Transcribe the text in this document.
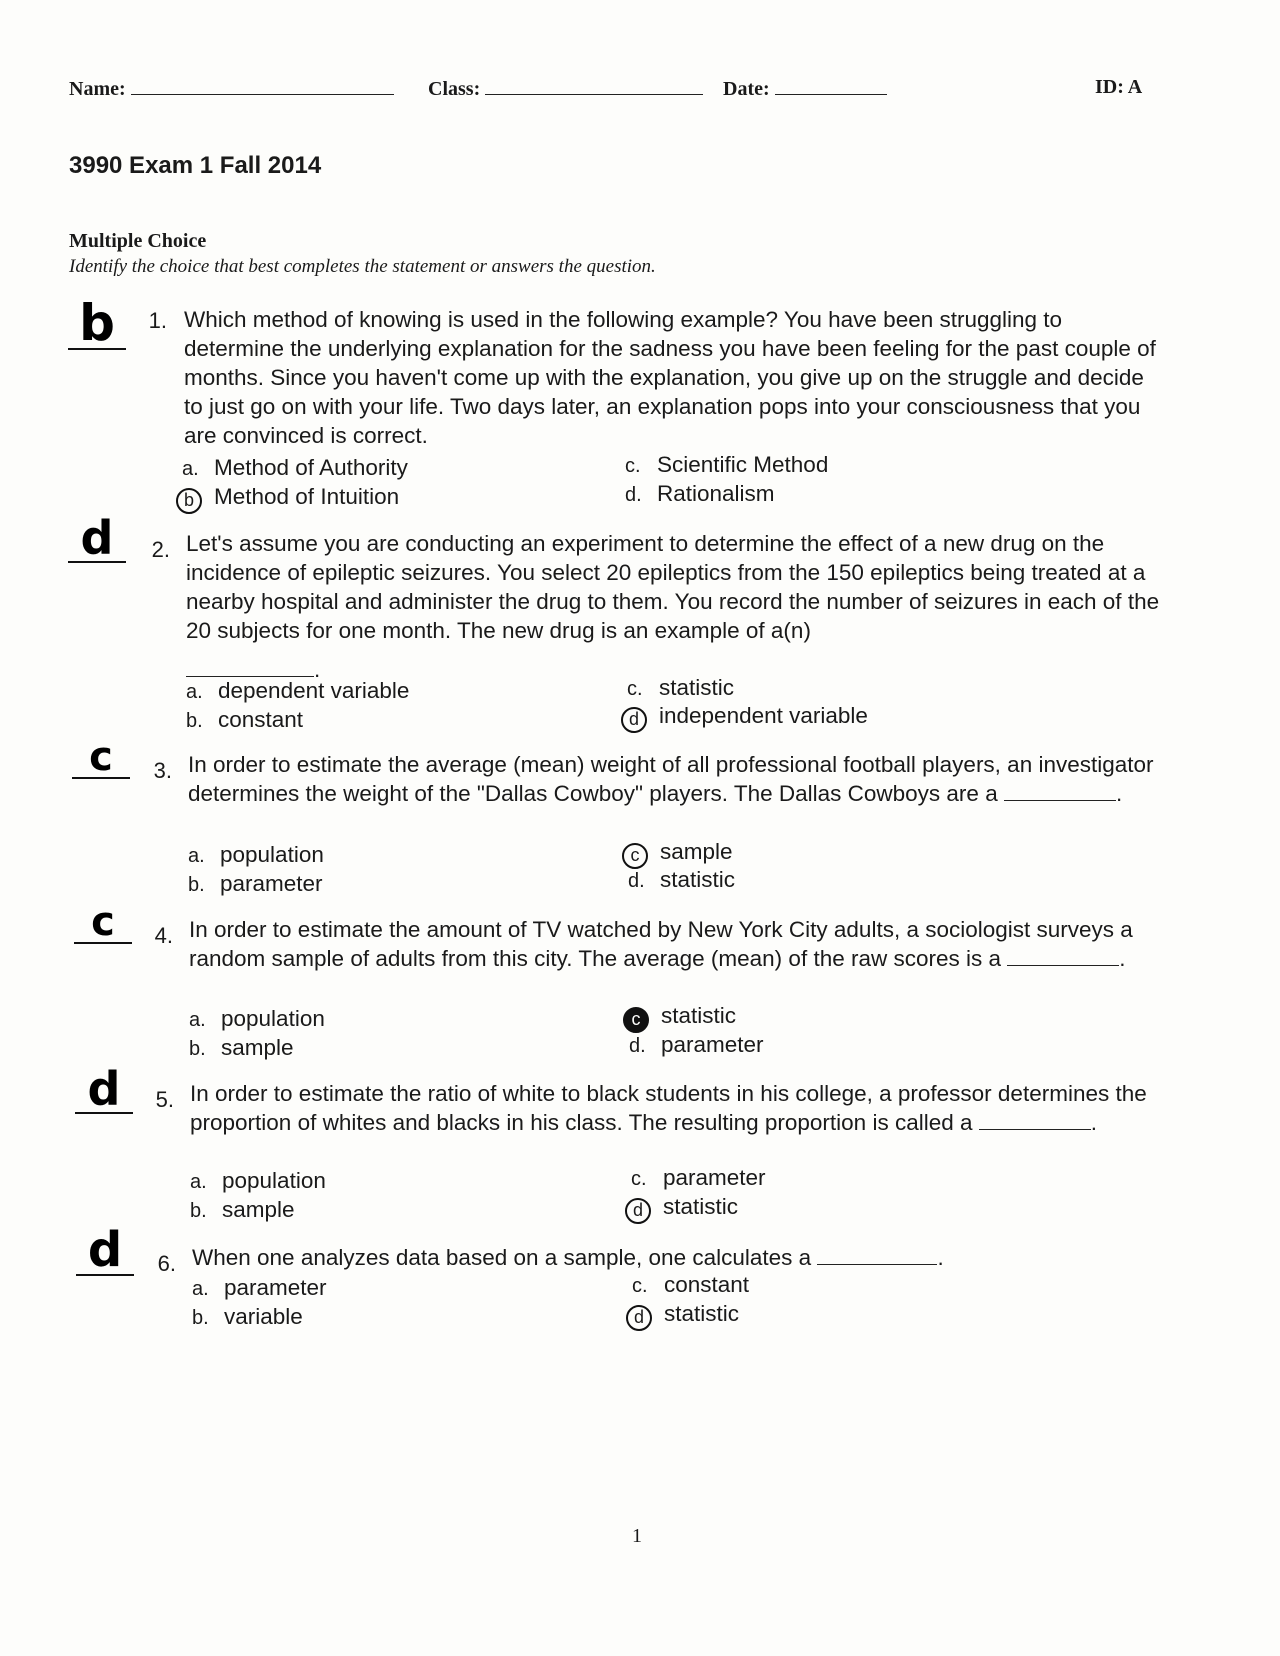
Name:	Class:	Date:	ID: A
3990 Exam 1 Fall 2014
Multiple Choice
Identify the choice that best completes the statement or answers the question.
b	1. Which method of knowing is used in the following example? You have been struggling to determine the underlying explanation for the sadness you have been feeling for the past couple of months. Since you haven't come up with the explanation, you give up on the struggle and decide to just go on with your life. Two days later, an explanation pops into your consciousness that you are convinced is correct.
a. Method of Authority
b Method of Intuition
c. Scientific Method
d. Rationalism
d	2. Let's assume you are conducting an experiment to determine the effect of a new drug on the incidence of epileptic seizures. You select 20 epileptics from the 150 epileptics being treated at a nearby hospital and administer the drug to them. You record the number of seizures in each of the 20 subjects for one month. The new drug is an example of a(n)
.
a. dependent variable
b. constant
c. statistic
d independent variable
c	3. In order to estimate the average (mean) weight of all professional football players, an investigator determines the weight of the "Dallas Cowboy" players. The Dallas Cowboys are a	.
a. population
b. parameter
c sample
d. statistic
c	4. In order to estimate the amount of TV watched by New York City adults, a sociologist surveys a random sample of adults from this city. The average (mean) of the raw scores is a	.
a. population
b. sample
c statistic
d. parameter
d	5. In order to estimate the ratio of white to black students in his college, a professor determines the proportion of whites and blacks in his class. The resulting proportion is called a	.
a. population
b. sample
c. parameter
d statistic
d	6. When one analyzes data based on a sample, one calculates a	.
a. parameter
b. variable
c. constant
d statistic
1
